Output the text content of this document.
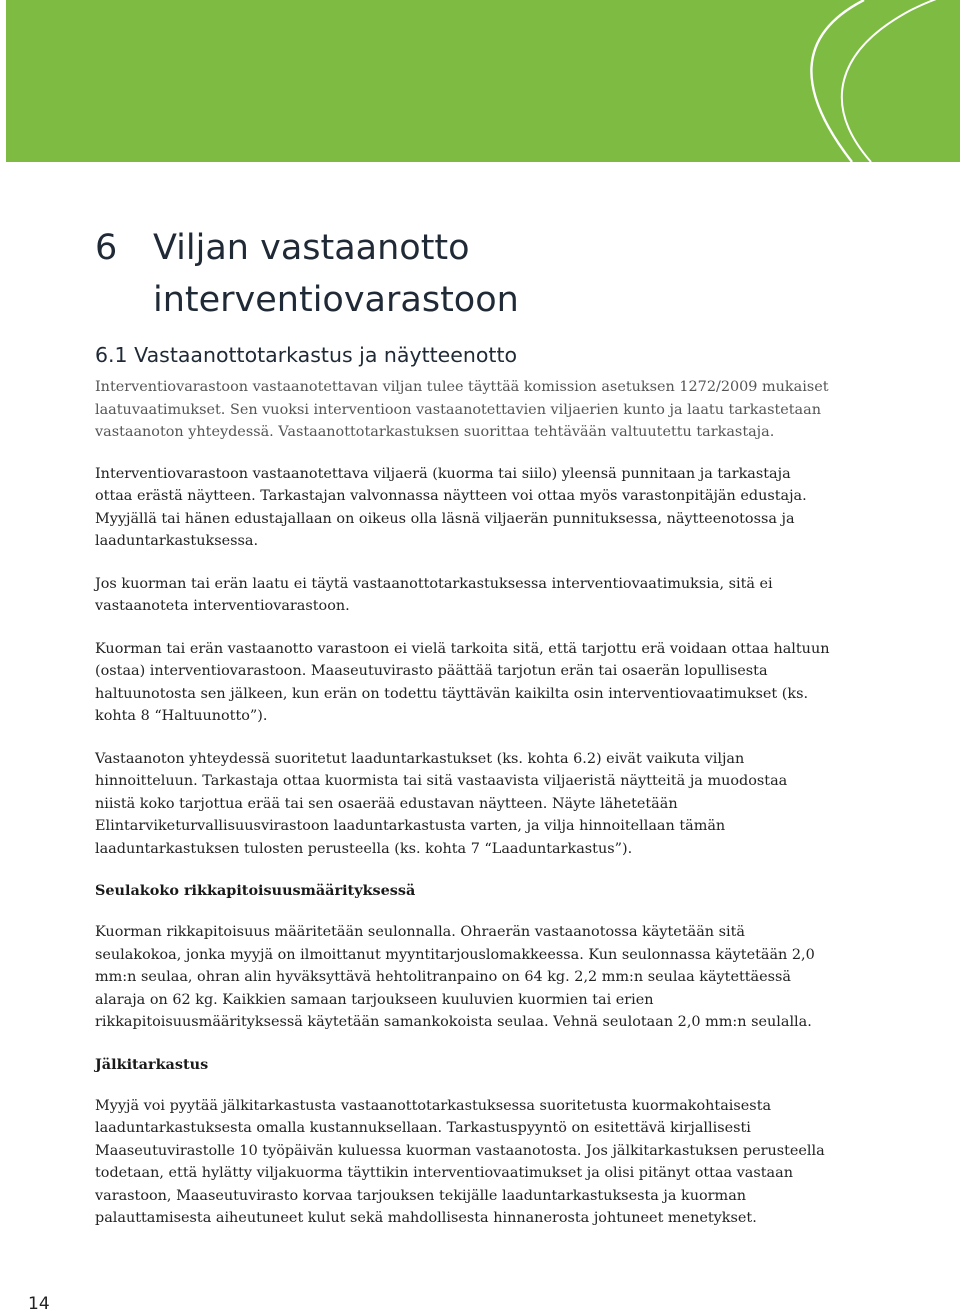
6	Viljan vastaanotto
interventiovarastoon
6.1 Vastaanottotarkastus ja näytteenotto

Interventiovarastoon vastaanotettavan viljan tulee täyttää komission asetuksen 1272/2009 mukaiset laatuvaatimukset. Sen vuoksi interventioon vastaanotettavien viljaerien kunto ja laatu tarkastetaan vastaanoton yhteydessä. Vastaanottotarkastuksen suorittaa tehtävään valtuutettu tarkastaja.

Interventiovarastoon vastaanotettava viljaerä (kuorma tai siilo) yleensä punnitaan ja tarkastaja ottaa erästä näytteen. Tarkastajan valvonnassa näytteen voi ottaa myös varastonpitäjän edustaja. Myyjällä tai hänen edustajallaan on oikeus olla läsnä viljaerän punnituksessa, näytteenotossa ja laaduntarkastuksessa.

Jos kuorman tai erän laatu ei täytä vastaanottotarkastuksessa interventiovaatimuksia, sitä ei vastaanoteta interventiovarastoon.

Kuorman tai erän vastaanotto varastoon ei vielä tarkoita sitä, että tarjottu erä voidaan ottaa haltuun (ostaa) interventiovarastoon. Maaseutuvirasto päättää tarjotun erän tai osaerän lopullisesta haltuunotosta sen jälkeen, kun erän on todettu täyttävän kaikilta osin interventiovaatimukset (ks. kohta 8 “Haltuunotto”).

Vastaanoton yhteydessä suoritetut laaduntarkastukset (ks. kohta 6.2) eivät vaikuta viljan hinnoitteluun. Tarkastaja ottaa kuormista tai sitä vastaavista viljaeristä näytteitä ja muodostaa niistä koko tarjottua erää tai sen osaerää edustavan näytteen. Näyte lähetetään Elintarviketurvallisuusvirastoon laaduntarkastusta varten, ja vilja hinnoitellaan tämän laaduntarkastuksen tulosten perusteella (ks. kohta 7 “Laaduntarkastus”).

Seulakoko rikkapitoisuusmäärityksessä

Kuorman rikkapitoisuus määritetään seulonnalla. Ohraerän vastaanotossa käytetään sitä seulakokoa, jonka myyjä on ilmoittanut myyntitarjouslomakkeessa. Kun seulonnassa käytetään 2,0 mm:n seulaa, ohran alin hyväksyttävä hehtolitranpaino on 64 kg. 2,2 mm:n seulaa käytettäessä alaraja on 62 kg. Kaikkien samaan tarjoukseen kuuluvien kuormien tai erien rikkapitoisuusmäärityksessä käytetään samankokoista seulaa. Vehnä seulotaan 2,0 mm:n seulalla.

Jälkitarkastus

Myyjä voi pyytää jälkitarkastusta vastaanottotarkastuksessa suoritetusta kuormakohtaisesta laaduntarkastuksesta omalla kustannuksellaan. Tarkastuspyyntö on esitettävä kirjallisesti Maaseutuvirastolle 10 työpäivän kuluessa kuorman vastaanotosta. Jos jälkitarkastuksen perusteella todetaan, että hylätty viljakuorma täyttikin interventiovaatimukset ja olisi pitänyt ottaa vastaan varastoon, Maaseutuvirasto korvaa tarjouksen tekijälle laaduntarkastuksesta ja kuorman palauttamisesta aiheutuneet kulut sekä mahdollisesta hinnanerosta johtuneet menetykset.

14
